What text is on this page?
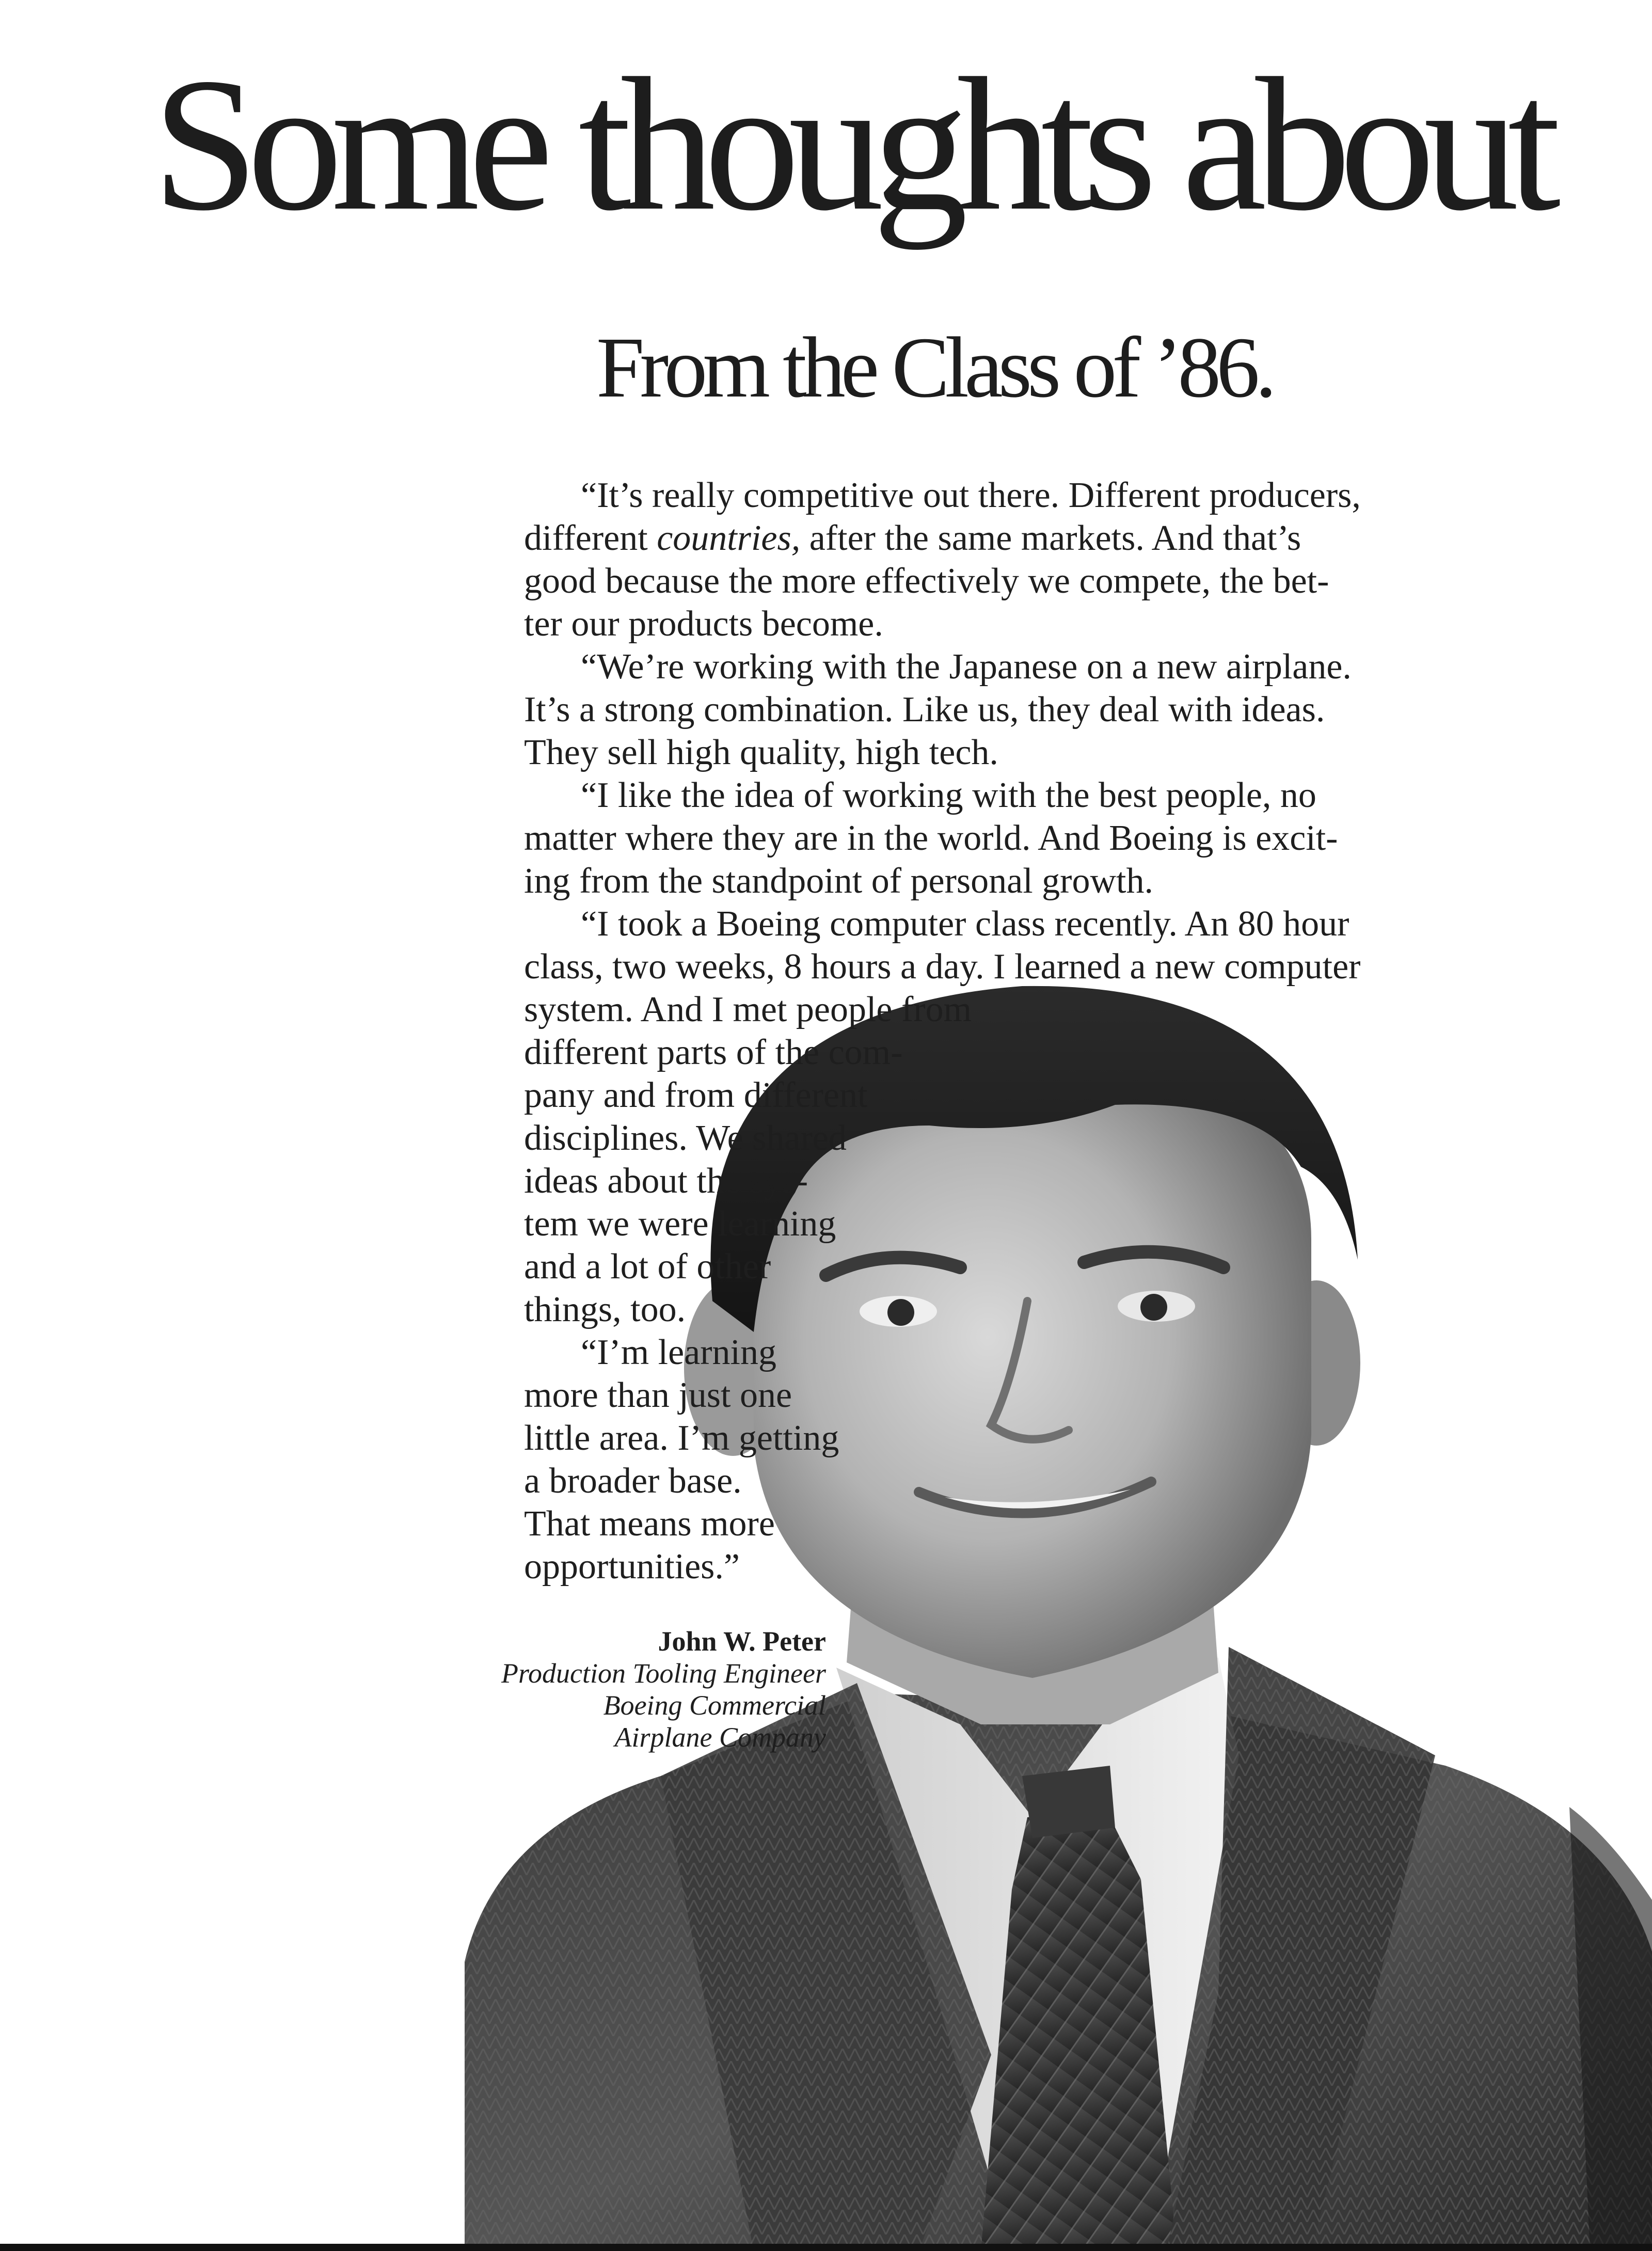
Some thoughts about
From the Class of ’86.
“It’s really competitive out there. Different producers,
different countries, after the same markets. And that’s
good because the more effectively we compete, the bet-
ter our products become.
“We’re working with the Japanese on a new airplane.
It’s a strong combination. Like us, they deal with ideas.
They sell high quality, high tech.
“I like the idea of working with the best people, no
matter where they are in the world. And Boeing is excit-
ing from the standpoint of personal growth.
“I took a Boeing computer class recently. An 80 hour
class, two weeks, 8 hours a day. I learned a new computer
system. And I met people from
different parts of the com-
pany and from different
disciplines. We shared
ideas about the sys-
tem we were learning
and a lot of other
things, too.
“I’m learning
more than just one
little area. I’m getting
a broader base.
That means more
opportunities.”
John W. Peter
Production Tooling Engineer
Boeing Commercial
Airplane Company
